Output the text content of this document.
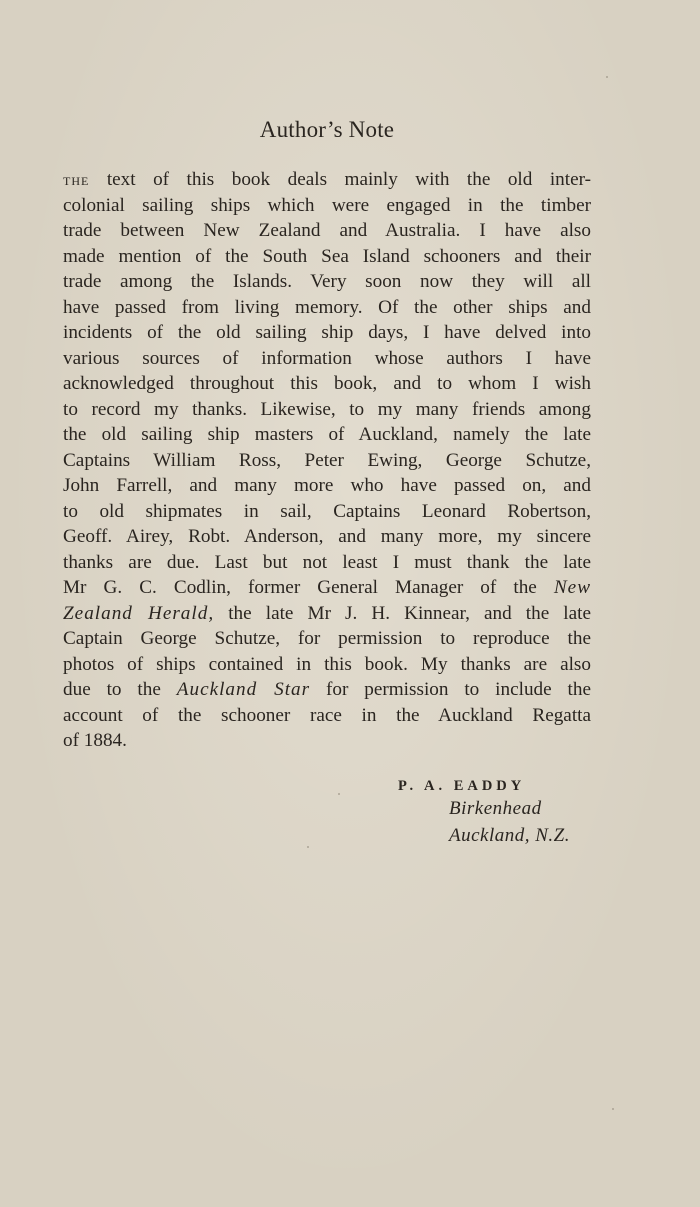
Author’s Note
the text of this book deals mainly with the old inter-
colonial sailing ships which were engaged in the timber
trade between New Zealand and Australia. I have also
made mention of the South Sea Island schooners and their
trade among the Islands. Very soon now they will all
have passed from living memory. Of the other ships and
incidents of the old sailing ship days, I have delved into
various sources of information whose authors I have
acknowledged throughout this book, and to whom I wish
to record my thanks. Likewise, to my many friends among
the old sailing ship masters of Auckland, namely the late
Captains William Ross, Peter Ewing, George Schutze,
John Farrell, and many more who have passed on, and
to old shipmates in sail, Captains Leonard Robertson,
Geoff. Airey, Robt. Anderson, and many more, my sincere
thanks are due. Last but not least I must thank the late
Mr G. C. Codlin, former General Manager of the New
Zealand Herald, the late Mr J. H. Kinnear, and the late
Captain George Schutze, for permission to reproduce the
photos of ships contained in this book. My thanks are also
due to the Auckland Star for permission to include the
account of the schooner race in the Auckland Regatta
of 1884.
P. A. EADDY
Birkenhead
Auckland, N.Z.
